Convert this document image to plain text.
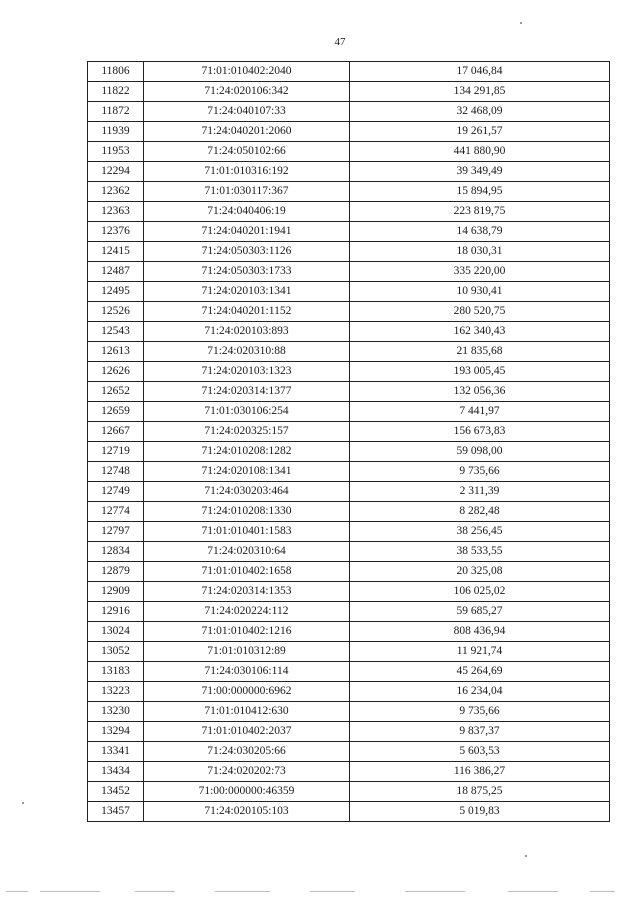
47
11806	71:01:010402:2040	17 046,84
11822	71:24:020106:342	134 291,85
11872	71:24:040107:33	32 468,09
11939	71:24:040201:2060	19 261,57
11953	71:24:050102:66	441 880,90
12294	71:01:010316:192	39 349,49
12362	71:01:030117:367	15 894,95
12363	71:24:040406:19	223 819,75
12376	71:24:040201:1941	14 638,79
12415	71:24:050303:1126	18 030,31
12487	71:24:050303:1733	335 220,00
12495	71:24:020103:1341	10 930,41
12526	71:24:040201:1152	280 520,75
12543	71:24:020103:893	162 340,43
12613	71:24:020310:88	21 835,68
12626	71:24:020103:1323	193 005,45
12652	71:24:020314:1377	132 056,36
12659	71:01:030106:254	7 441,97
12667	71:24:020325:157	156 673,83
12719	71:24:010208:1282	59 098,00
12748	71:24:020108:1341	9 735,66
12749	71:24:030203:464	2 311,39
12774	71:24:010208:1330	8 282,48
12797	71:01:010401:1583	38 256,45
12834	71:24:020310:64	38 533,55
12879	71:01:010402:1658	20 325,08
12909	71:24:020314:1353	106 025,02
12916	71:24:020224:112	59 685,27
13024	71:01:010402:1216	808 436,94
13052	71:01:010312:89	11 921,74
13183	71:24:030106:114	45 264,69
13223	71:00:000000:6962	16 234,04
13230	71:01:010412:630	9 735,66
13294	71:01:010402:2037	9 837,37
13341	71:24:030205:66	5 603,53
13434	71:24:020202:73	116 386,27
13452	71:00:000000:46359	18 875,25
13457	71:24:020105:103	5 019,83
